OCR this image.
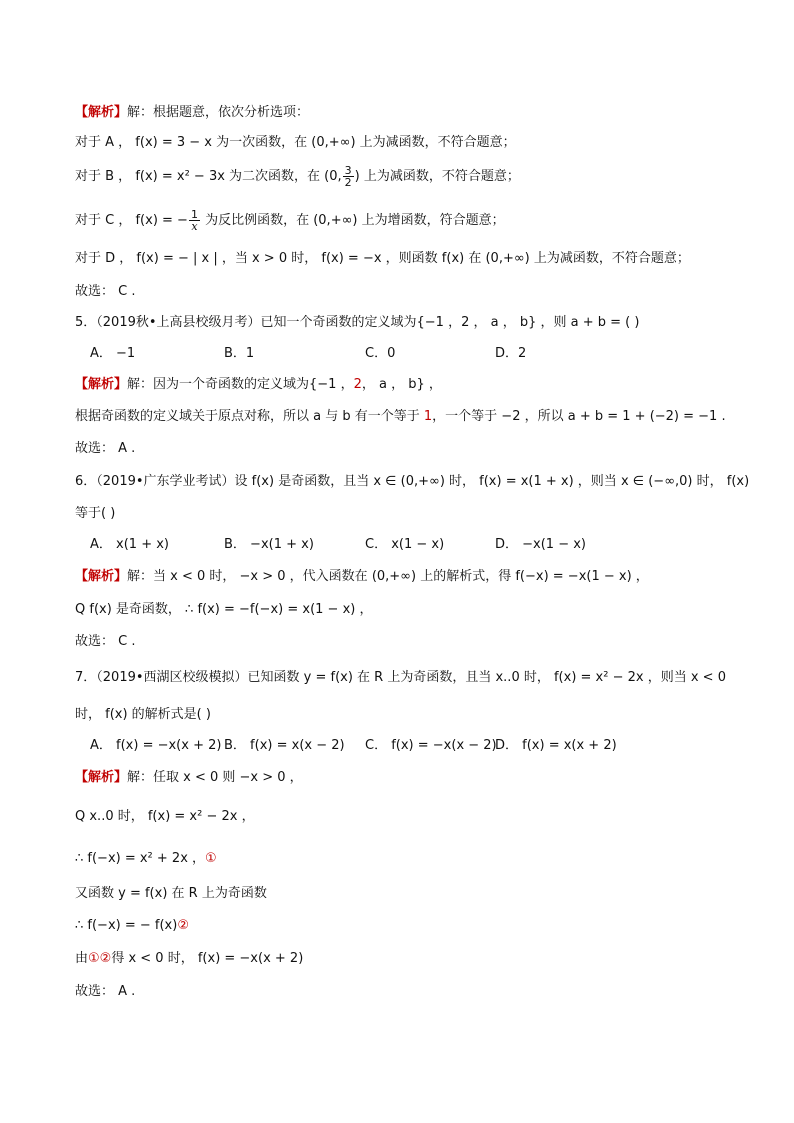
【解析】解：根据题意，依次分析选项：
对于 A ， f(x) = 3 − x 为一次函数，在 (0,+∞) 上为减函数，不符合题意；
对于 B ， f(x) = x² − 3x 为二次函数，在 (0, $\frac{3}{2}$ ) 上为减函数，不符合题意；
对于 C ， f(x) = − $\frac{1}{x}$ 为反比例函数，在 (0,+∞) 上为增函数，符合题意；
对于 D ， f(x) = − | x | ，当 x > 0 时， f(x) = −x ，则函数 f(x) 在 (0,+∞) 上为减函数，不符合题意；
故选： C .
5．（2019秋•上高县校级月考）已知一个奇函数的定义域为{−1 ，2 ， a ， b} ，则 a + b = ( )
A． −1	B．1	C．0	D．2
【解析】解：因为一个奇函数的定义域为{−1 ，2， a ， b} ，
根据奇函数的定义域关于原点对称，所以 a 与 b 有一个等于 1，一个等于 −2 ，所以 a + b = 1 + (−2) = −1 .
故选： A .
6．（2019•广东学业考试）设 f(x) 是奇函数，且当 x ∈ (0,+∞) 时， f(x) = x(1 + x) ，则当 x ∈ (−∞,0) 时， f(x)
等于( )
A． x(1 + x)	B． −x(1 + x)	C． x(1 − x)	D． −x(1 − x)
【解析】解：当 x < 0 时， −x > 0 ，代入函数在 (0,+∞) 上的解析式，得 f(−x) = −x(1 − x) ，
Q f(x) 是奇函数， ∴ f(x) = −f(−x) = x(1 − x) ，
故选： C .
7．（2019•西湖区校级模拟）已知函数 y = f(x) 在 R 上为奇函数，且当 x..0 时， f(x) = x² − 2x ，则当 x < 0
时， f(x) 的解析式是( )
A． f(x) = −x(x + 2) B． f(x) = x(x − 2) C． f(x) = −x(x − 2)
D． f(x) = x(x + 2)
【解析】解：任取 x < 0 则 −x > 0 ，
Q x..0 时， f(x) = x² − 2x ，
∴ f(−x) = x² + 2x ，①
又函数 y = f(x) 在 R 上为奇函数
∴ f(−x) = − f(x)②
由①②得 x < 0 时， f(x) = −x(x + 2)
故选： A .
